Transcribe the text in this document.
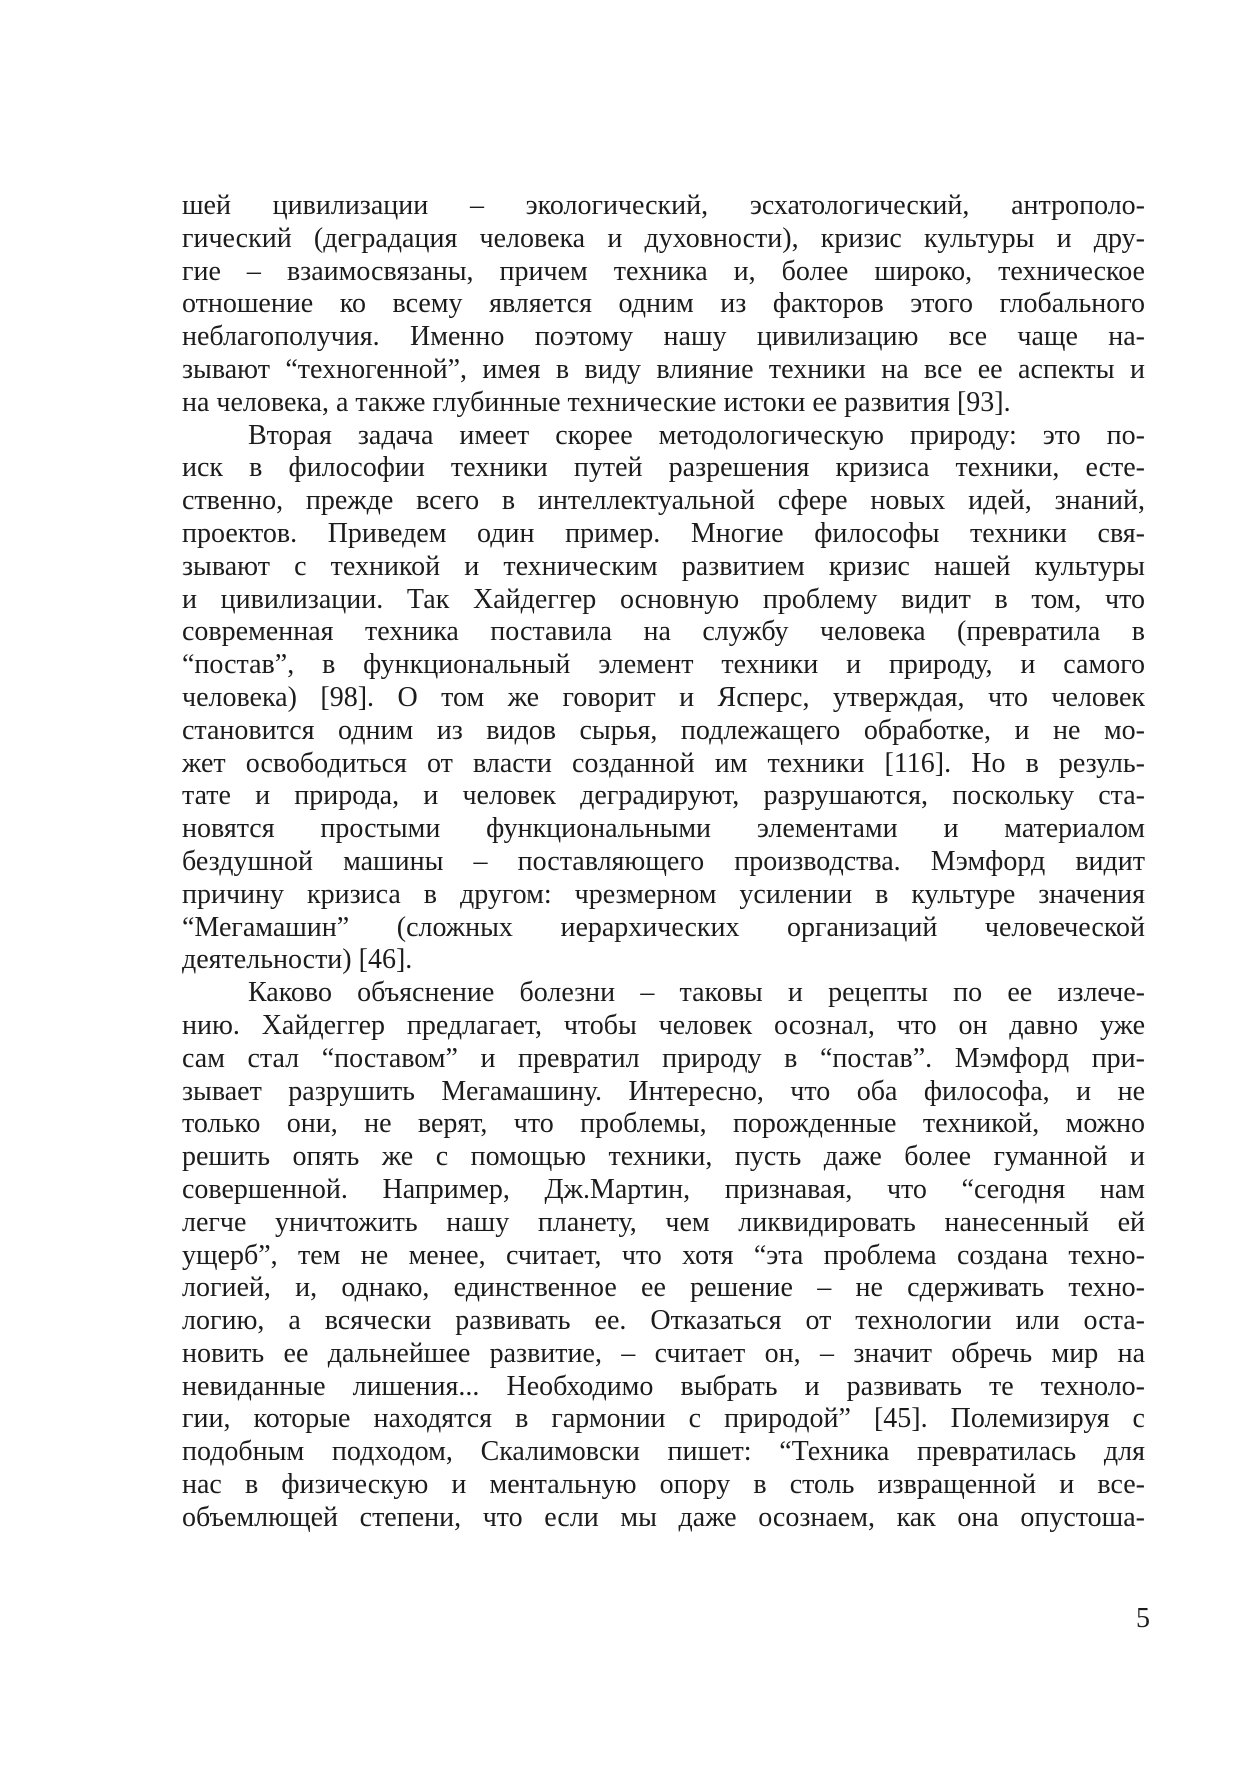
шей цивилизации – экологический, эсхатологический, антрополо-
гический (деградация человека и духовности), кризис культуры и дру-
гие – взаимосвязаны, причем техника и, более широко, техническое
отношение ко всему является одним из факторов этого глобального
неблагополучия. Именно поэтому нашу цивилизацию все чаще на-
зывают “техногенной”, имея в виду влияние техники на все ее аспекты и
на человека, а также глубинные технические истоки ее развития [93].
Вторая задача имеет скорее методологическую природу: это по-
иск в философии техники путей разрешения кризиса техники, есте-
ственно, прежде всего в интеллектуальной сфере новых идей, знаний,
проектов. Приведем один пример. Многие философы техники свя-
зывают с техникой и техническим развитием кризис нашей культуры
и цивилизации. Так Хайдеггер основную проблему видит в том, что
современная техника поставила на службу человека (превратила в
“постав”, в функциональный элемент техники и природу, и самого
человека) [98]. О том же говорит и Ясперс, утверждая, что человек
становится одним из видов сырья, подлежащего обработке, и не мо-
жет освободиться от власти созданной им техники [116]. Но в резуль-
тате и природа, и человек деградируют, разрушаются, поскольку ста-
новятся простыми функциональными элементами и материалом
бездушной машины – поставляющего производства. Мэмфорд видит
причину кризиса в другом: чрезмерном усилении в культуре значения
“Мегамашин” (сложных иерархических организаций человеческой
деятельности) [46].
Каково объяснение болезни – таковы и рецепты по ее излече-
нию. Хайдеггер предлагает, чтобы человек осознал, что он давно уже
сам стал “поставом” и превратил природу в “постав”. Мэмфорд при-
зывает разрушить Мегамашину. Интересно, что оба философа, и не
только они, не верят, что проблемы, порожденные техникой, можно
решить опять же с помощью техники, пусть даже более гуманной и
совершенной. Например, Дж.Мартин, признавая, что “сегодня нам
легче уничтожить нашу планету, чем ликвидировать нанесенный ей
ущерб”, тем не менее, считает, что хотя “эта проблема создана техно-
логией, и, однако, единственное ее решение – не сдерживать техно-
логию, а всячески развивать ее. Отказаться от технологии или оста-
новить ее дальнейшее развитие, – считает он, – значит обречь мир на
невиданные лишения... Необходимо выбрать и развивать те техноло-
гии, которые находятся в гармонии с природой” [45]. Полемизируя с
подобным подходом, Скалимовски пишет: “Техника превратилась для
нас в физическую и ментальную опору в столь извращенной и все-
объемлющей степени, что если мы даже осознаем, как она опустоша-
5
